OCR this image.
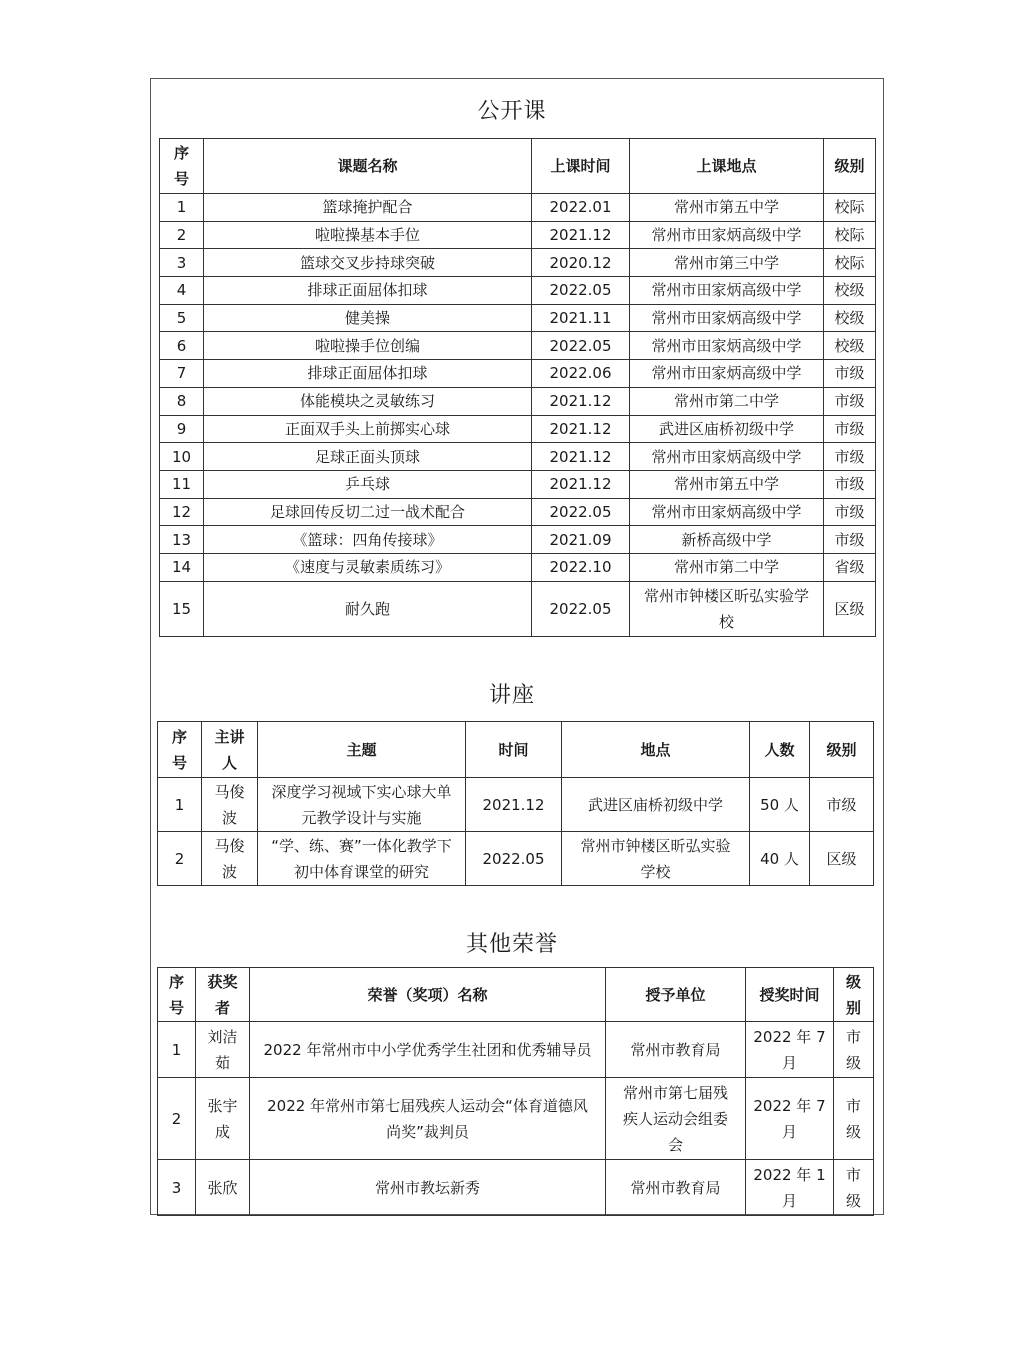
公开课
序号	课题名称	上课时间	上课地点	级别
1	篮球掩护配合	2022.01	常州市第五中学	校际
2	啦啦操基本手位	2021.12	常州市田家炳高级中学	校际
3	篮球交叉步持球突破	2020.12	常州市第三中学	校际
4	排球正面屈体扣球	2022.05	常州市田家炳高级中学	校级
5	健美操	2021.11	常州市田家炳高级中学	校级
6	啦啦操手位创编	2022.05	常州市田家炳高级中学	校级
7	排球正面屈体扣球	2022.06	常州市田家炳高级中学	市级
8	体能模块之灵敏练习	2021.12	常州市第二中学	市级
9	正面双手头上前掷实心球	2021.12	武进区庙桥初级中学	市级
10	足球正面头顶球	2021.12	常州市田家炳高级中学	市级
11	乒乓球	2021.12	常州市第五中学	市级
12	足球回传反切二过一战术配合	2022.05	常州市田家炳高级中学	市级
13	《篮球：四角传接球》	2021.09	新桥高级中学	市级
14	《速度与灵敏素质练习》	2022.10	常州市第二中学	省级
15	耐久跑	2022.05	常州市钟楼区昕弘实验学校	区级
讲座
序号	主讲人	主题	时间	地点	人数	级别
1	马俊波	深度学习视域下实心球大单元教学设计与实施	2021.12	武进区庙桥初级中学	50 人	市级
2	马俊波	“学、练、赛”一体化教学下初中体育课堂的研究	2022.05	常州市钟楼区昕弘实验学校	40 人	区级
其他荣誉
序号	获奖者	荣誉（奖项）名称	授予单位	授奖时间	级别
1	刘洁茹	2022 年常州市中小学优秀学生社团和优秀辅导员	常州市教育局	2022 年 7 月	市级
2	张宇成	2022 年常州市第七届残疾人运动会“体育道德风尚奖”裁判员	常州市第七届残疾人运动会组委会	2022 年 7 月	市级
3	张欣	常州市教坛新秀	常州市教育局	2022 年 1 月	市级
